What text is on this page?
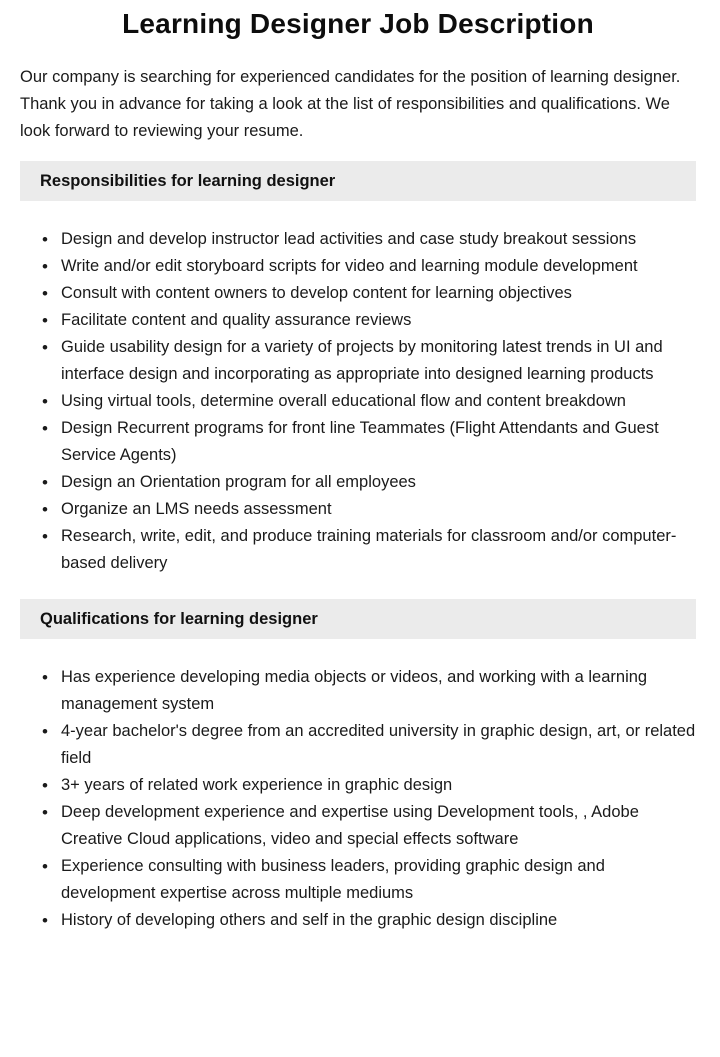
Learning Designer Job Description

Our company is searching for experienced candidates for the position of learning designer. Thank you in advance for taking a look at the list of responsibilities and qualifications. We look forward to reviewing your resume.

Responsibilities for learning designer
• Design and develop instructor lead activities and case study breakout sessions
• Write and/or edit storyboard scripts for video and learning module development
• Consult with content owners to develop content for learning objectives
• Facilitate content and quality assurance reviews
• Guide usability design for a variety of projects by monitoring latest trends in UI and interface design and incorporating as appropriate into designed learning products
• Using virtual tools, determine overall educational flow and content breakdown
• Design Recurrent programs for front line Teammates (Flight Attendants and Guest Service Agents)
• Design an Orientation program for all employees
• Organize an LMS needs assessment
• Research, write, edit, and produce training materials for classroom and/or computer-based delivery
Qualifications for learning designer
• Has experience developing media objects or videos, and working with a learning management system
• 4-year bachelor's degree from an accredited university in graphic design, art, or related field
• 3+ years of related work experience in graphic design
• Deep development experience and expertise using Development tools, , Adobe Creative Cloud applications, video and special effects software
• Experience consulting with business leaders, providing graphic design and development expertise across multiple mediums
• History of developing others and self in the graphic design discipline
